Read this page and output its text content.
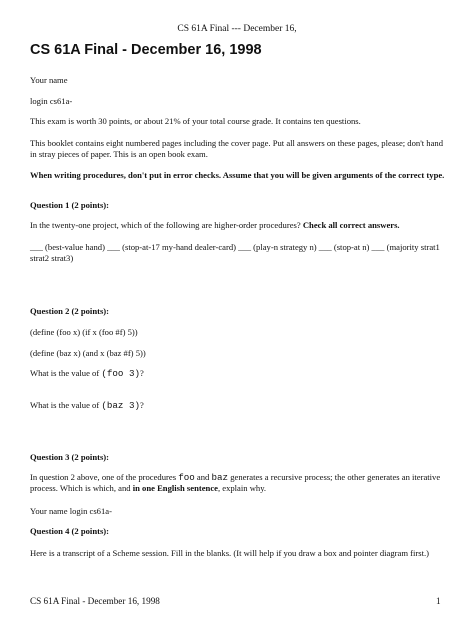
CS 61A Final --- December 16,
CS 61A Final - December 16, 1998

Your name

login cs61a-

This exam is worth 30 points, or about 21% of your total course grade. It contains ten questions.

This booklet contains eight numbered pages including the cover page. Put all answers on these pages, please; don't hand in stray pieces of paper. This is an open book exam.

When writing procedures, don't put in error checks. Assume that you will be given arguments of the correct type.

Question 1 (2 points):

In the twenty-one project, which of the following are higher-order procedures? Check all correct answers.

___ (best-value hand) ___ (stop-at-17 my-hand dealer-card) ___ (play-n strategy n) ___ (stop-at n) ___ (majority strat1 strat2 strat3)

Question 2 (2 points):

(define (foo x) (if x (foo #f) 5))

(define (baz x) (and x (baz #f) 5))

What is the value of (foo 3)?

What is the value of (baz 3)?

Question 3 (2 points):

In question 2 above, one of the procedures foo and baz generates a recursive process; the other generates an iterative process. Which is which, and in one English sentence, explain why.

Your name login cs61a-

Question 4 (2 points):

Here is a transcript of a Scheme session. Fill in the blanks. (It will help if you draw a box and pointer diagram first.)

CS 61A Final - December 16, 1998	1
